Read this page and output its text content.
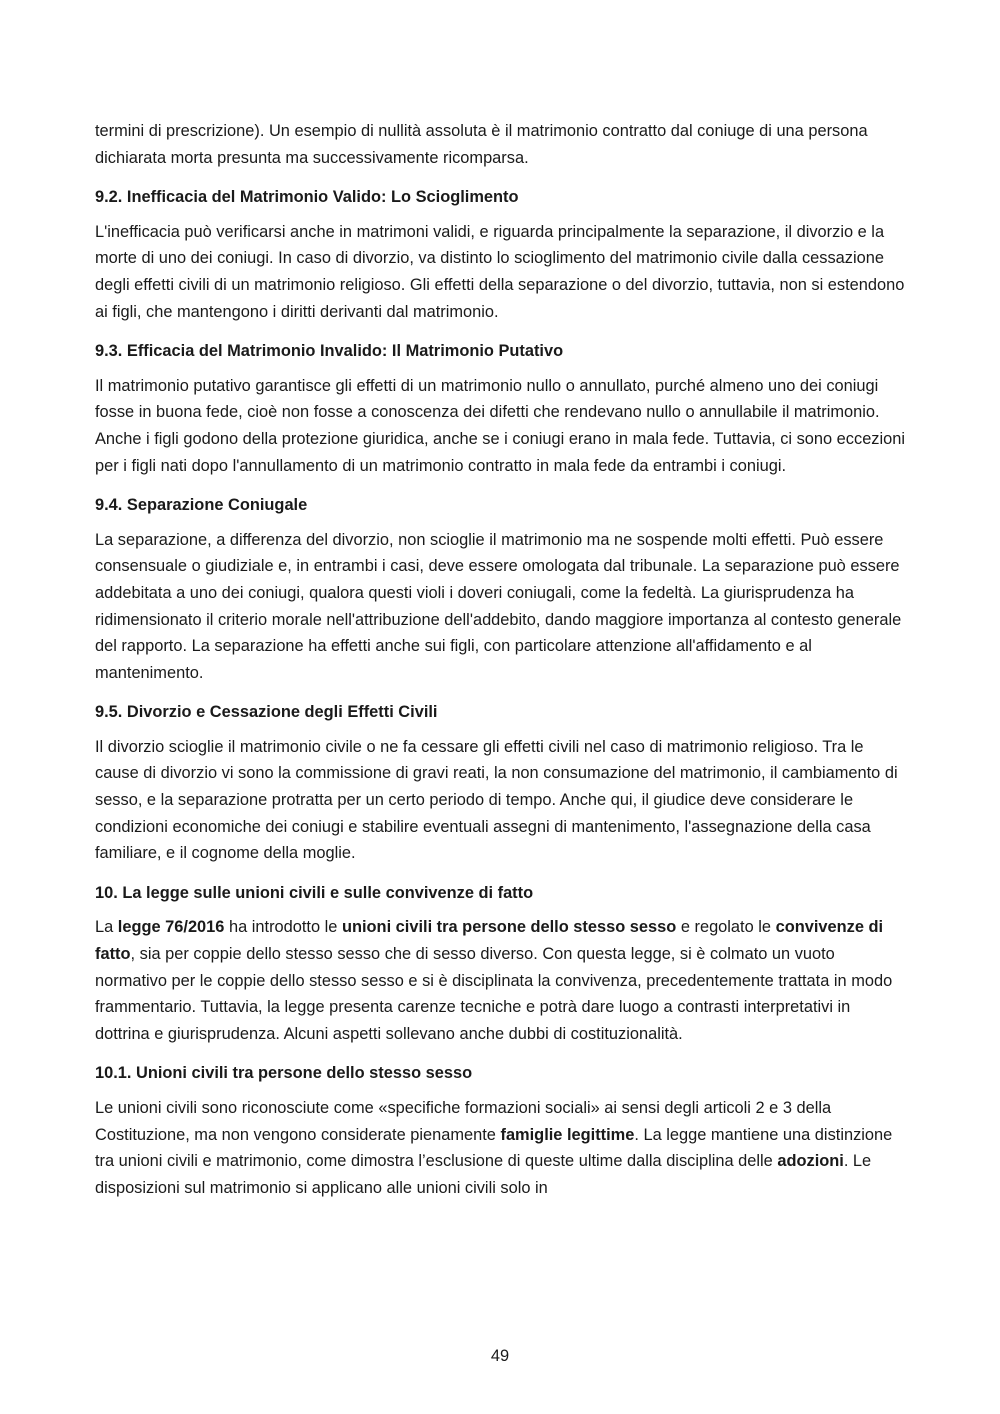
termini di prescrizione). Un esempio di nullità assoluta è il matrimonio contratto dal coniuge di una persona dichiarata morta presunta ma successivamente ricomparsa.

9.2. Inefficacia del Matrimonio Valido: Lo Scioglimento

L'inefficacia può verificarsi anche in matrimoni validi, e riguarda principalmente la separazione, il divorzio e la morte di uno dei coniugi. In caso di divorzio, va distinto lo scioglimento del matrimonio civile dalla cessazione degli effetti civili di un matrimonio religioso. Gli effetti della separazione o del divorzio, tuttavia, non si estendono ai figli, che mantengono i diritti derivanti dal matrimonio.

9.3. Efficacia del Matrimonio Invalido: Il Matrimonio Putativo

Il matrimonio putativo garantisce gli effetti di un matrimonio nullo o annullato, purché almeno uno dei coniugi fosse in buona fede, cioè non fosse a conoscenza dei difetti che rendevano nullo o annullabile il matrimonio. Anche i figli godono della protezione giuridica, anche se i coniugi erano in mala fede. Tuttavia, ci sono eccezioni per i figli nati dopo l'annullamento di un matrimonio contratto in mala fede da entrambi i coniugi.

9.4. Separazione Coniugale

La separazione, a differenza del divorzio, non scioglie il matrimonio ma ne sospende molti effetti. Può essere consensuale o giudiziale e, in entrambi i casi, deve essere omologata dal tribunale. La separazione può essere addebitata a uno dei coniugi, qualora questi violi i doveri coniugali, come la fedeltà. La giurisprudenza ha ridimensionato il criterio morale nell'attribuzione dell'addebito, dando maggiore importanza al contesto generale del rapporto. La separazione ha effetti anche sui figli, con particolare attenzione all'affidamento e al mantenimento.

9.5. Divorzio e Cessazione degli Effetti Civili

Il divorzio scioglie il matrimonio civile o ne fa cessare gli effetti civili nel caso di matrimonio religioso. Tra le cause di divorzio vi sono la commissione di gravi reati, la non consumazione del matrimonio, il cambiamento di sesso, e la separazione protratta per un certo periodo di tempo. Anche qui, il giudice deve considerare le condizioni economiche dei coniugi e stabilire eventuali assegni di mantenimento, l'assegnazione della casa familiare, e il cognome della moglie.

10. La legge sulle unioni civili e sulle convivenze di fatto

La legge 76/2016 ha introdotto le unioni civili tra persone dello stesso sesso e regolato le convivenze di fatto, sia per coppie dello stesso sesso che di sesso diverso. Con questa legge, si è colmato un vuoto normativo per le coppie dello stesso sesso e si è disciplinata la convivenza, precedentemente trattata in modo frammentario. Tuttavia, la legge presenta carenze tecniche e potrà dare luogo a contrasti interpretativi in dottrina e giurisprudenza. Alcuni aspetti sollevano anche dubbi di costituzionalità.

10.1. Unioni civili tra persone dello stesso sesso

Le unioni civili sono riconosciute come «specifiche formazioni sociali» ai sensi degli articoli 2 e 3 della Costituzione, ma non vengono considerate pienamente famiglie legittime. La legge mantiene una distinzione tra unioni civili e matrimonio, come dimostra l’esclusione di queste ultime dalla disciplina delle adozioni. Le disposizioni sul matrimonio si applicano alle unioni civili solo in

49
